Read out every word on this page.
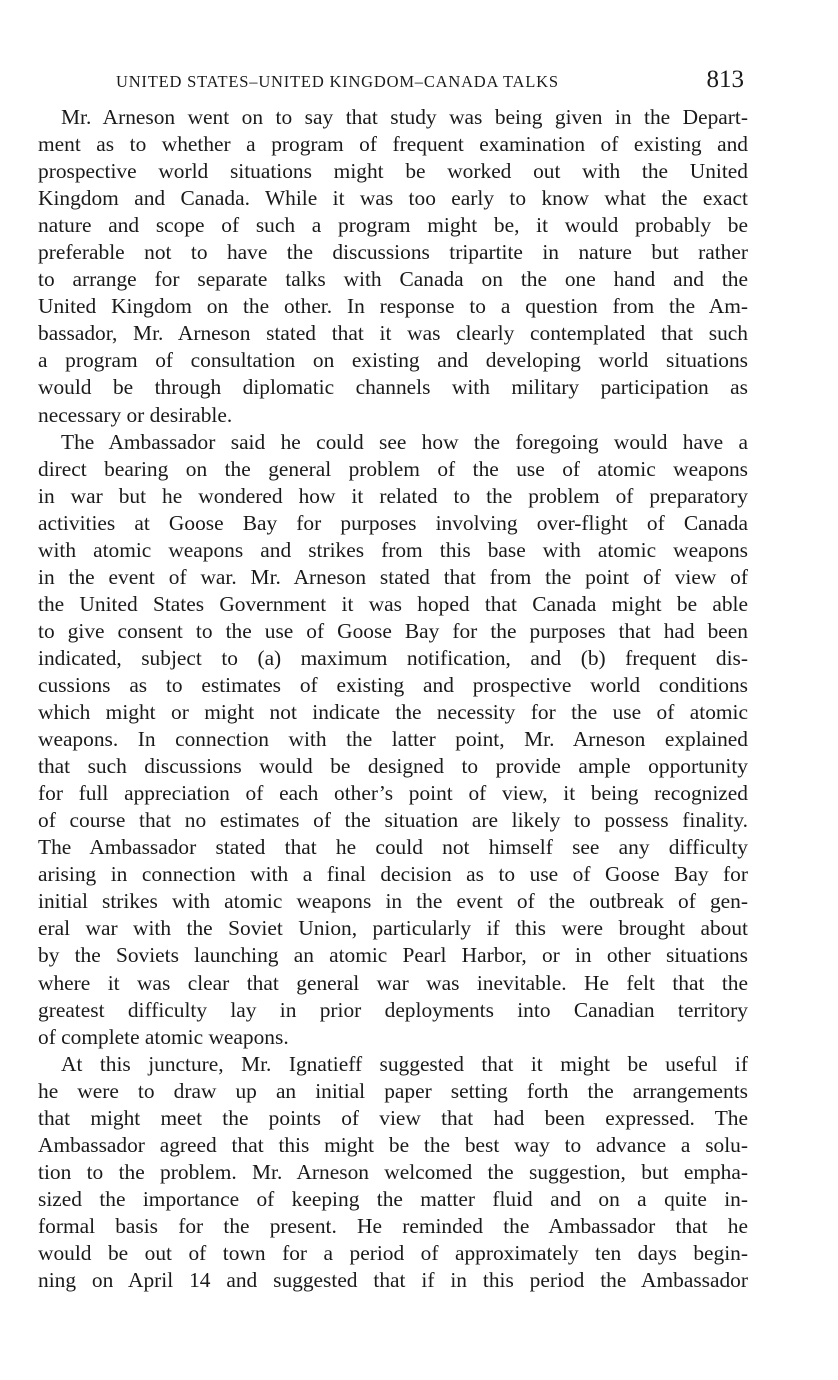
UNITED STATES–UNITED KINGDOM–CANADA TALKS	813
Mr. Arneson went on to say that study was being given in the Depart-
ment as to whether a program of frequent examination of existing and
prospective world situations might be worked out with the United
Kingdom and Canada. While it was too early to know what the exact
nature and scope of such a program might be, it would probably be
preferable not to have the discussions tripartite in nature but rather
to arrange for separate talks with Canada on the one hand and the
United Kingdom on the other. In response to a question from the Am-
bassador, Mr. Arneson stated that it was clearly contemplated that such
a program of consultation on existing and developing world situations
would be through diplomatic channels with military participation as
necessary or desirable.
The Ambassador said he could see how the foregoing would have a
direct bearing on the general problem of the use of atomic weapons
in war but he wondered how it related to the problem of preparatory
activities at Goose Bay for purposes involving over-flight of Canada
with atomic weapons and strikes from this base with atomic weapons
in the event of war. Mr. Arneson stated that from the point of view of
the United States Government it was hoped that Canada might be able
to give consent to the use of Goose Bay for the purposes that had been
indicated, subject to (a) maximum notification, and (b) frequent dis-
cussions as to estimates of existing and prospective world conditions
which might or might not indicate the necessity for the use of atomic
weapons. In connection with the latter point, Mr. Arneson explained
that such discussions would be designed to provide ample opportunity
for full appreciation of each other’s point of view, it being recognized
of course that no estimates of the situation are likely to possess finality.
The Ambassador stated that he could not himself see any difficulty
arising in connection with a final decision as to use of Goose Bay for
initial strikes with atomic weapons in the event of the outbreak of gen-
eral war with the Soviet Union, particularly if this were brought about
by the Soviets launching an atomic Pearl Harbor, or in other situations
where it was clear that general war was inevitable. He felt that the
greatest difficulty lay in prior deployments into Canadian territory
of complete atomic weapons.
At this juncture, Mr. Ignatieff suggested that it might be useful if
he were to draw up an initial paper setting forth the arrangements
that might meet the points of view that had been expressed. The
Ambassador agreed that this might be the best way to advance a solu-
tion to the problem. Mr. Arneson welcomed the suggestion, but empha-
sized the importance of keeping the matter fluid and on a quite in-
formal basis for the present. He reminded the Ambassador that he
would be out of town for a period of approximately ten days begin-
ning on April 14 and suggested that if in this period the Ambassador
